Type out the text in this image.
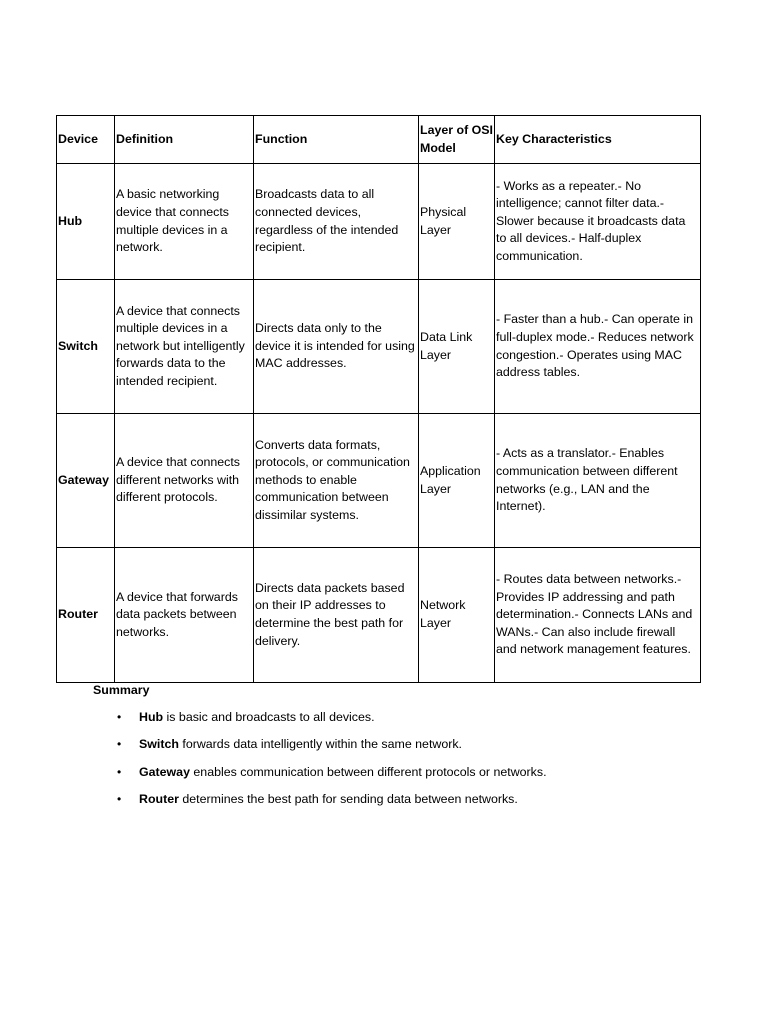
Device	Definition	Function	Layer of OSI Model	Key Characteristics
Hub	A basic networking device that connects multiple devices in a network.	Broadcasts data to all connected devices, regardless of the intended recipient.	Physical Layer	- Works as a repeater.- No intelligence; cannot filter data.- Slower because it broadcasts data to all devices.- Half-duplex communication.
Switch	A device that connects multiple devices in a network but intelligently forwards data to the intended recipient.	Directs data only to the device it is intended for using MAC addresses.	Data Link Layer	- Faster than a hub.- Can operate in full-duplex mode.- Reduces network congestion.- Operates using MAC address tables.
Gateway	A device that connects different networks with different protocols.	Converts data formats, protocols, or communication methods to enable communication between dissimilar systems.	Application Layer	- Acts as a translator.- Enables communication between different networks (e.g., LAN and the Internet).
Router	A device that forwards data packets between networks.	Directs data packets based on their IP addresses to determine the best path for delivery.	Network Layer	- Routes data between networks.- Provides IP addressing and path determination.- Connects LANs and WANs.- Can also include firewall and network management features.
Summary
• Hub is basic and broadcasts to all devices.
• Switch forwards data intelligently within the same network.
• Gateway enables communication between different protocols or networks.
• Router determines the best path for sending data between networks.
